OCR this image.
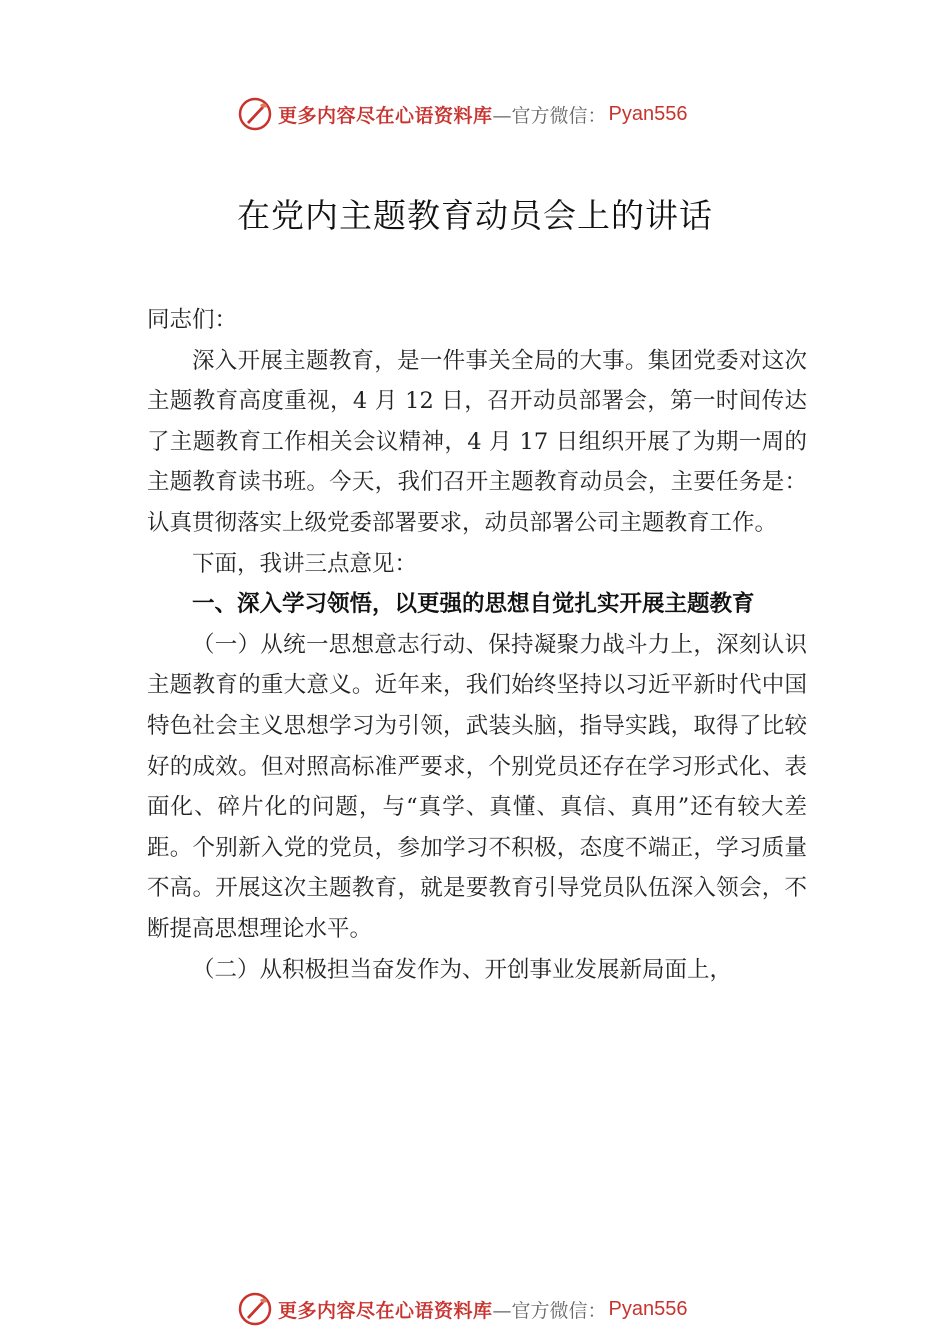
更多内容尽在心语资料库 —官方微信： Pyan556
在党内主题教育动员会上的讲话

同志们：

深入开展主题教育，是一件事关全局的大事。集团党委对这次主题教育高度重视，4 月 12 日，召开动员部署会，第一时间传达了主题教育工作相关会议精神，4 月 17 日组织开展了为期一周的主题教育读书班。今天，我们召开主题教育动员会，主要任务是：认真贯彻落实上级党委部署要求，动员部署公司主题教育工作。

下面，我讲三点意见：

一、深入学习领悟，以更强的思想自觉扎实开展主题教育

（一）从统一思想意志行动、保持凝聚力战斗力上，深刻认识主题教育的重大意义。近年来，我们始终坚持以习近平新时代中国特色社会主义思想学习为引领，武装头脑，指导实践，取得了比较好的成效。但对照高标准严要求，个别党员还存在学习形式化、表面化、碎片化的问题，与“真学、真懂、真信、真用”还有较大差距。个别新入党的党员，参加学习不积极，态度不端正，学习质量不高。开展这次主题教育，就是要教育引导党员队伍深入领会，不断提高思想理论水平。

（二）从积极担当奋发作为、开创事业发展新局面上，

更多内容尽在心语资料库 —官方微信： Pyan556
